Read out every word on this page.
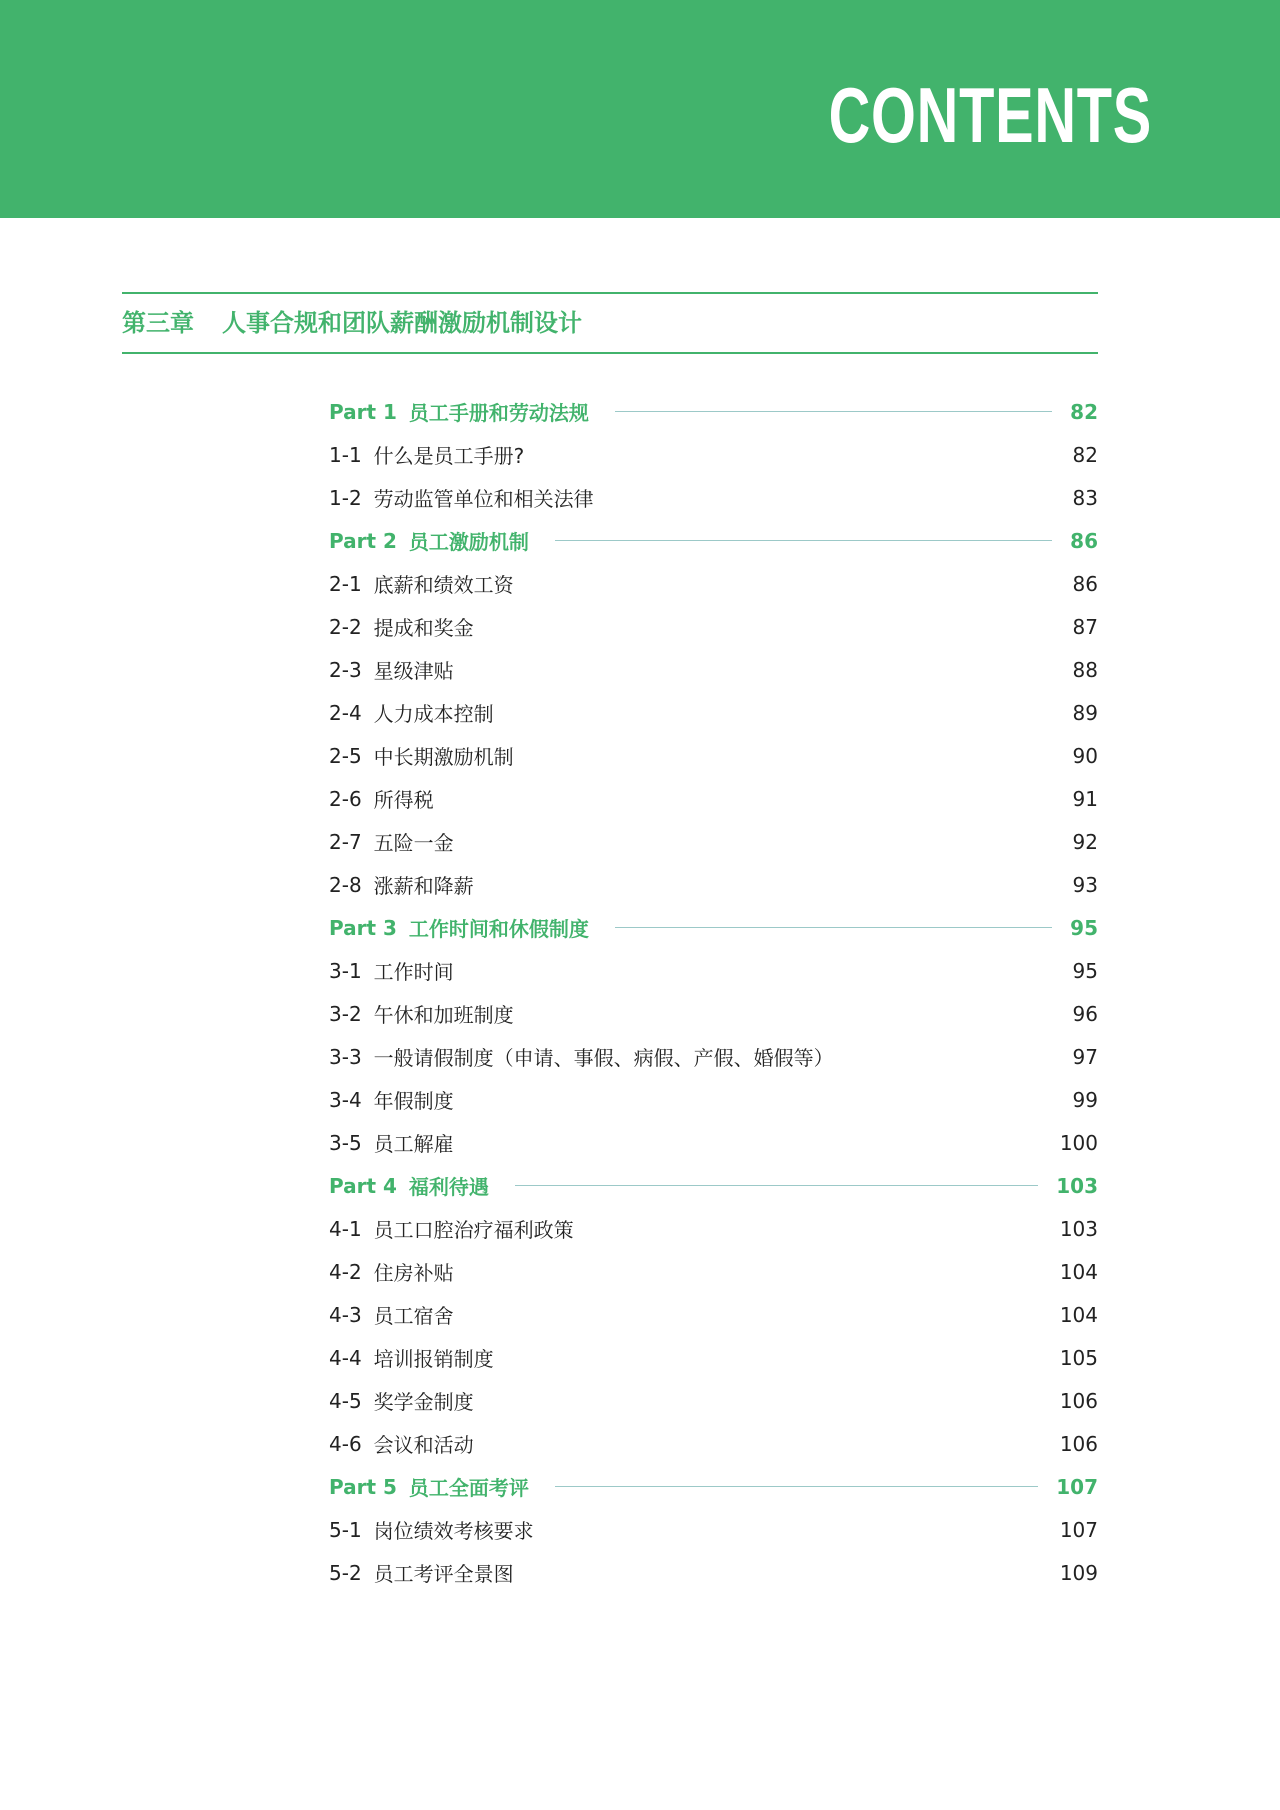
CONTENTS
第三章 人事合规和团队薪酬激励机制设计
Part 1 员工手册和劳动法规	82
1-1 什么是员工手册?	82
1-2 劳动监管单位和相关法律	83
Part 2 员工激励机制	86
2-1 底薪和绩效工资	86
2-2 提成和奖金	87
2-3 星级津贴	88
2-4 人力成本控制	89
2-5 中长期激励机制	90
2-6 所得税	91
2-7 五险一金	92
2-8 涨薪和降薪	93
Part 3 工作时间和休假制度	95
3-1 工作时间	95
3-2 午休和加班制度	96
3-3 一般请假制度（申请、事假、病假、产假、婚假等）	97
3-4 年假制度	99
3-5 员工解雇	100
Part 4 福利待遇	103
4-1 员工口腔治疗福利政策	103
4-2 住房补贴	104
4-3 员工宿舍	104
4-4 培训报销制度	105
4-5 奖学金制度	106
4-6 会议和活动	106
Part 5 员工全面考评	107
5-1 岗位绩效考核要求	107
5-2 员工考评全景图	109
